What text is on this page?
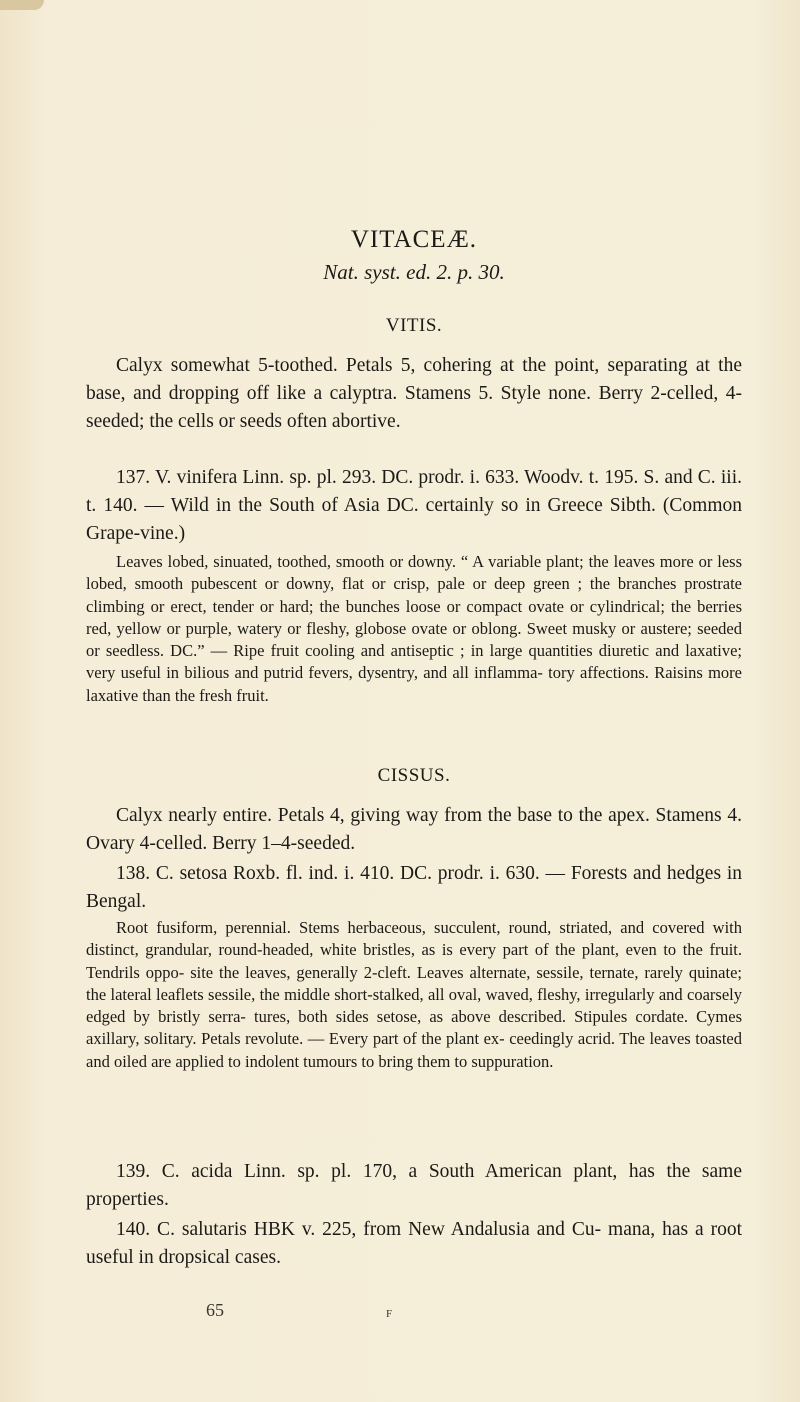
VITACEÆ.
Nat. syst. ed. 2. p. 30.
VITIS.

Calyx somewhat 5-toothed. Petals 5, cohering at the point, separating at the base, and dropping off like a calyptra. Stamens 5. Style none. Berry 2-celled, 4-seeded; the cells or seeds often abortive.

137. V. vinifera Linn. sp. pl. 293. DC. prodr. i. 633. Woodv. t. 195. S. and C. iii. t. 140. — Wild in the South of Asia DC. certainly so in Greece Sibth. (Common Grape-vine.)

Leaves lobed, sinuated, toothed, smooth or downy. “ A variable plant; the leaves more or less lobed, smooth pubescent or downy, flat or crisp, pale or deep green ; the branches prostrate climbing or erect, tender or hard; the bunches loose or compact ovate or cylindrical; the berries red, yellow or purple, watery or fleshy, globose ovate or oblong. Sweet musky or austere; seeded or seedless. DC.” — Ripe fruit cooling and antiseptic ; in large quantities diuretic and laxative; very useful in bilious and putrid fevers, dysentry, and all inflamma- tory affections. Raisins more laxative than the fresh fruit.

CISSUS.

Calyx nearly entire. Petals 4, giving way from the base to the apex. Stamens 4. Ovary 4-celled. Berry 1–4-seeded.

138. C. setosa Roxb. fl. ind. i. 410. DC. prodr. i. 630. — Forests and hedges in Bengal.

Root fusiform, perennial. Stems herbaceous, succulent, round, striated, and covered with distinct, grandular, round-headed, white bristles, as is every part of the plant, even to the fruit. Tendrils oppo- site the leaves, generally 2-cleft. Leaves alternate, sessile, ternate, rarely quinate; the lateral leaflets sessile, the middle short-stalked, all oval, waved, fleshy, irregularly and coarsely edged by bristly serra- tures, both sides setose, as above described. Stipules cordate. Cymes axillary, solitary. Petals revolute. — Every part of the plant ex- ceedingly acrid. The leaves toasted and oiled are applied to indolent tumours to bring them to suppuration.

139. C. acida Linn. sp. pl. 170, a South American plant, has the same properties.

140. C. salutaris HBK v. 225, from New Andalusia and Cu- mana, has a root useful in dropsical cases.

65	F
